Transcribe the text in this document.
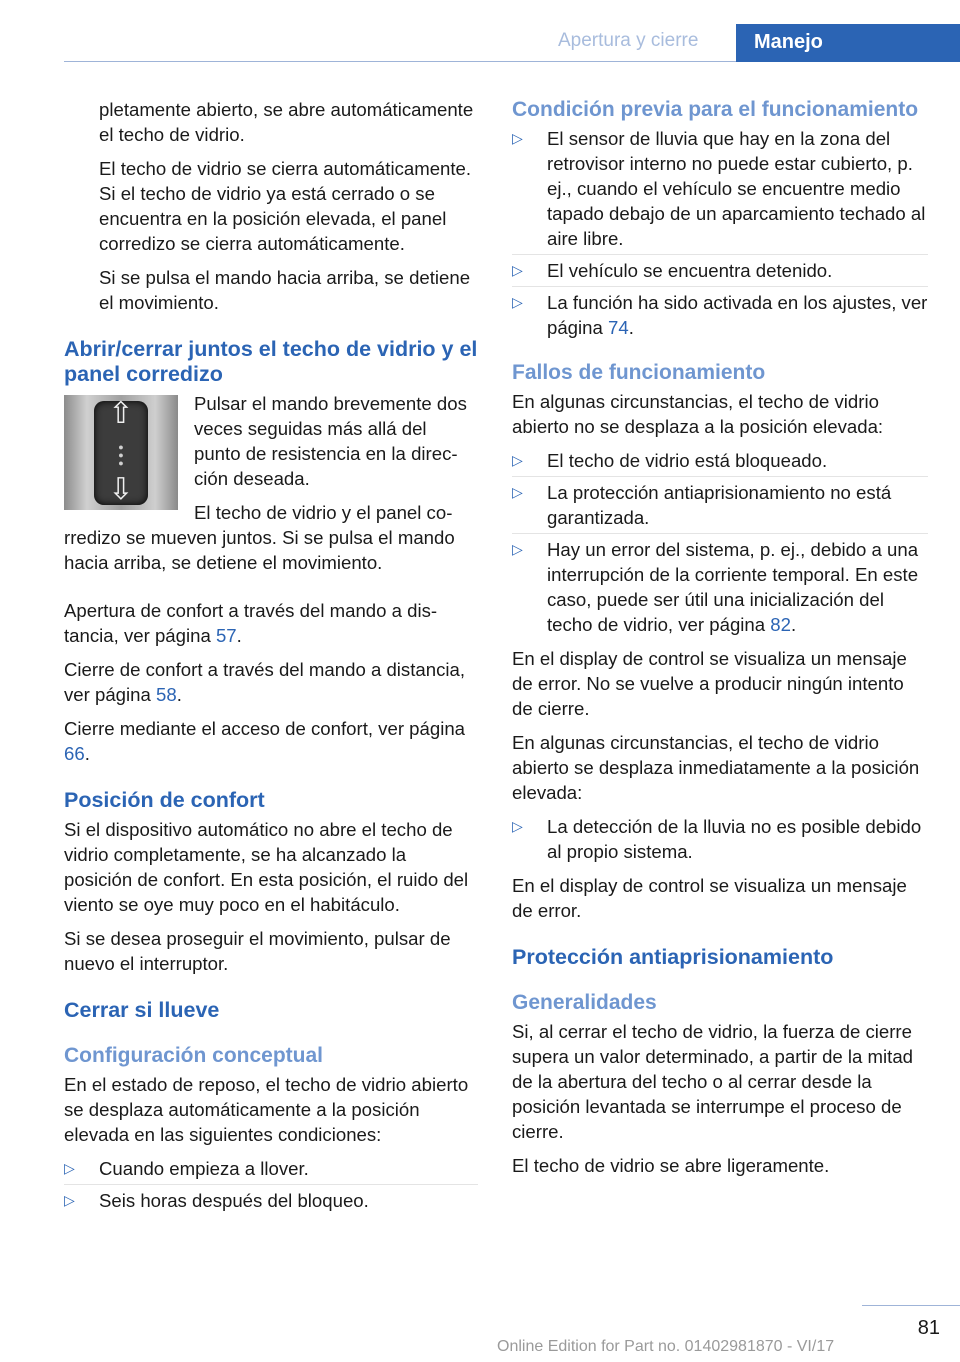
Apertura y cierre	Manejo

pletamente abierto, se abre automáticamente el techo de vidrio.

El techo de vidrio se cierra automáticamente. Si el techo de vidrio ya está cerrado o se encuentra en la posición elevada, el panel corredizo se cierra automáticamente.

Si se pulsa el mando hacia arriba, se detiene el movimiento.

Abrir/cerrar juntos el techo de vidrio y el panel corredizo
⇧
●
●
●
⇩

Pulsar el mando brevemente dos veces seguidas más allá del punto de resistencia en la dirección deseada.

El techo de vidrio y el panel corredizo se mueven juntos. Si se pulsa el mando hacia arriba, se detiene el movimiento.

Apertura de confort a través del mando a distancia, ver página 57.

Cierre de confort a través del mando a distancia, ver página 58.

Cierre mediante el acceso de confort, ver página 66.

Posición de confort

Si el dispositivo automático no abre el techo de vidrio completamente, se ha alcanzado la posición de confort. En esta posición, el ruido del viento se oye muy poco en el habitáculo.

Si se desea proseguir el movimiento, pulsar de nuevo el interruptor.

Cerrar si llueve
Configuración conceptual

En el estado de reposo, el techo de vidrio abierto se desplaza automáticamente a la posición elevada en las siguientes condiciones:

▷ Cuando empieza a llover.
▷ Seis horas después del bloqueo.
Condición previa para el funcionamiento
▷ El sensor de lluvia que hay en la zona del retrovisor interno no puede estar cubierto, p. ej., cuando el vehículo se encuentre medio tapado debajo de un aparcamiento techado al aire libre.
▷ El vehículo se encuentra detenido.
▷ La función ha sido activada en los ajustes, ver página 74.
Fallos de funcionamiento

En algunas circunstancias, el techo de vidrio abierto no se desplaza a la posición elevada:

▷ El techo de vidrio está bloqueado.
▷ La protección antiaprisionamiento no está garantizada.
▷ Hay un error del sistema, p. ej., debido a una interrupción de la corriente temporal. En este caso, puede ser útil una inicialización del techo de vidrio, ver página 82.

En el display de control se visualiza un mensaje de error. No se vuelve a producir ningún intento de cierre.

En algunas circunstancias, el techo de vidrio abierto se desplaza inmediatamente a la posición elevada:

▷ La detección de la lluvia no es posible debido al propio sistema.

En el display de control se visualiza un mensaje de error.

Protección antiaprisionamiento
Generalidades

Si, al cerrar el techo de vidrio, la fuerza de cierre supera un valor determinado, a partir de la mitad de la abertura del techo o al cerrar desde la posición levantada se interrumpe el proceso de cierre.

El techo de vidrio se abre ligeramente.

81
Online Edition for Part no. 01402981870 - VI/17
